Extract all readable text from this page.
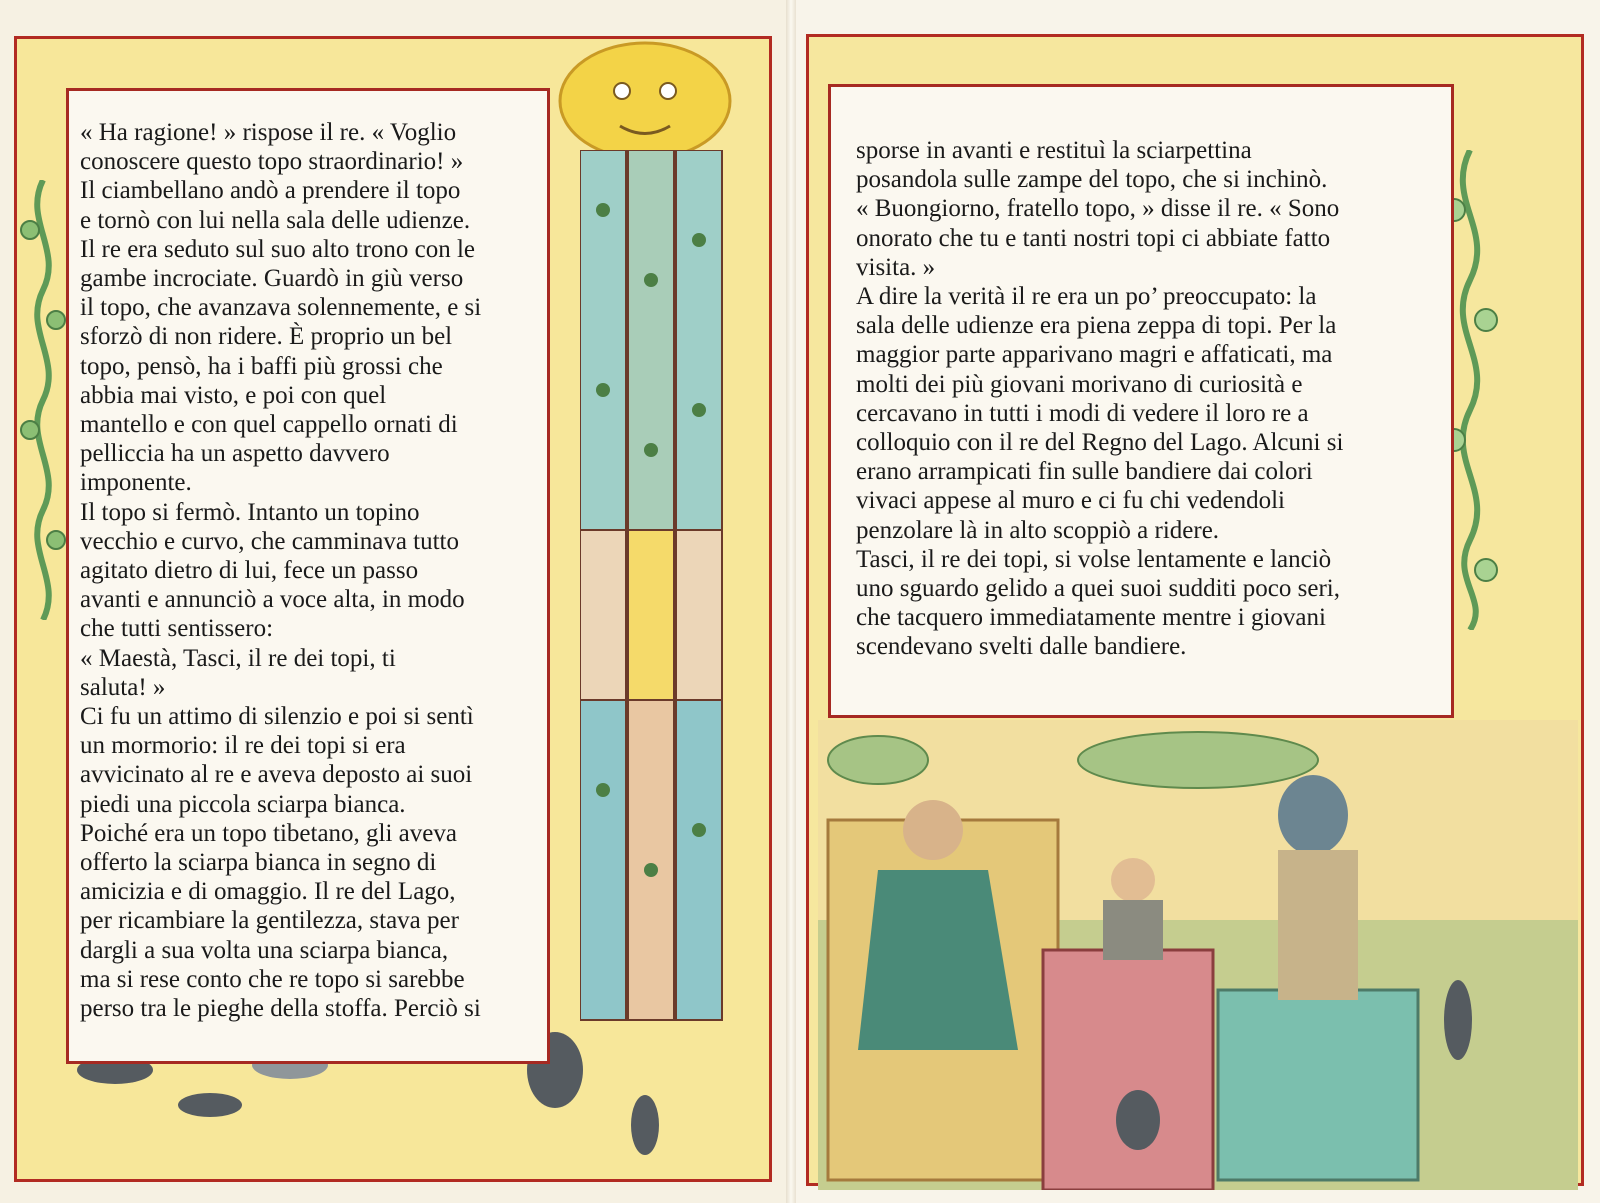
« Ha ragione! » rispose il re. « Voglio
conoscere questo topo straordinario! »
Il ciambellano andò a prendere il topo
e tornò con lui nella sala delle udienze.
Il re era seduto sul suo alto trono con le
gambe incrociate. Guardò in giù verso
il topo, che avanzava solennemente, e si
sforzò di non ridere. È proprio un bel
topo, pensò, ha i baffi più grossi che
abbia mai visto, e poi con quel
mantello e con quel cappello ornati di
pelliccia ha un aspetto davvero
imponente.
Il topo si fermò. Intanto un topino
vecchio e curvo, che camminava tutto
agitato dietro di lui, fece un passo
avanti e annunciò a voce alta, in modo
che tutti sentissero:
« Maestà, Tasci, il re dei topi, ti
saluta! »
Ci fu un attimo di silenzio e poi si sentì
un mormorio: il re dei topi si era
avvicinato al re e aveva deposto ai suoi
piedi una piccola sciarpa bianca.
Poiché era un topo tibetano, gli aveva
offerto la sciarpa bianca in segno di
amicizia e di omaggio. Il re del Lago,
per ricambiare la gentilezza, stava per
dargli a sua volta una sciarpa bianca,
ma si rese conto che re topo si sarebbe
perso tra le pieghe della stoffa. Perciò si
sporse in avanti e restituì la sciarpettina
posandola sulle zampe del topo, che si inchinò.
« Buongiorno, fratello topo, » disse il re. « Sono
onorato che tu e tanti nostri topi ci abbiate fatto
visita. »
A dire la verità il re era un po’ preoccupato: la
sala delle udienze era piena zeppa di topi. Per la
maggior parte apparivano magri e affaticati, ma
molti dei più giovani morivano di curiosità e
cercavano in tutti i modi di vedere il loro re a
colloquio con il re del Regno del Lago. Alcuni si
erano arrampicati fin sulle bandiere dai colori
vivaci appese al muro e ci fu chi vedendoli
penzolare là in alto scoppiò a ridere.
Tasci, il re dei topi, si volse lentamente e lanciò
uno sguardo gelido a quei suoi sudditi poco seri,
che tacquero immediatamente mentre i giovani
scendevano svelti dalle bandiere.
